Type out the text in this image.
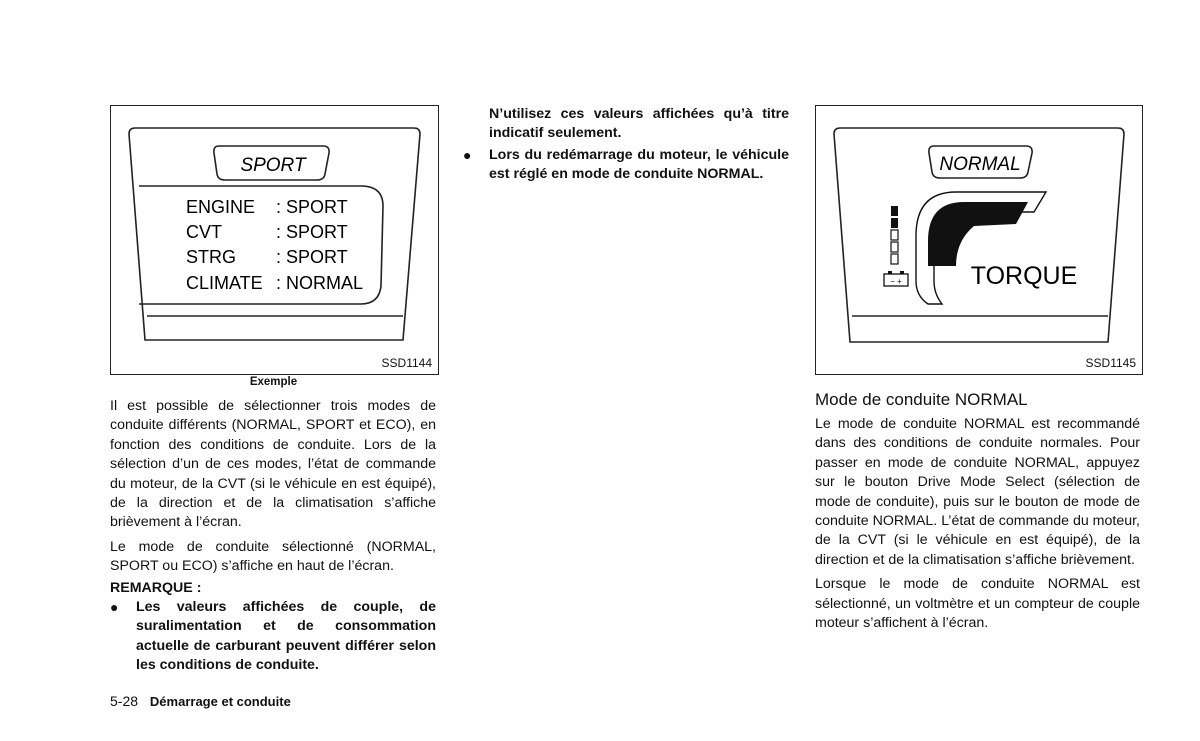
SPORT
ENGINE : SPORT
CVT	: SPORT
STRG : SPORT
CLIMATE : NORMAL
SSD1144
Exemple

Il est possible de sélectionner trois modes de conduite différents (NORMAL, SPORT et ECO), en fonction des conditions de conduite. Lors de la sélection d’un de ces modes, l’état de commande du moteur, de la CVT (si le véhicule en est équipé), de la direction et de la climatisation s’affiche brièvement à l’écran.

Le mode de conduite sélectionné (NORMAL, SPORT ou ECO) s’affiche en haut de l’écran.

REMARQUE :

●	Les valeurs affichées de couple, de suralimentation et de consommation actuelle de carburant peuvent différer selon les conditions de conduite.

N’utilisez ces valeurs affichées qu’à titre indicatif seulement.

●	Lors du redémarrage du moteur, le véhicule est réglé en mode de conduite NORMAL.	NORMAL
− +	TORQUE
SSD1145
Mode de conduite NORMAL

Le mode de conduite NORMAL est recommandé dans des conditions de conduite normales. Pour passer en mode de conduite NORMAL, appuyez sur le bouton Drive Mode Select (sélection de mode de conduite), puis sur le bouton de mode de conduite NORMAL. L’état de commande du moteur, de la CVT (si le véhicule en est équipé), de la direction et de la climatisation s’affiche brièvement.

Lorsque le mode de conduite NORMAL est sélectionné, un voltmètre et un compteur de couple moteur s’affichent à l’écran.

5-28 Démarrage et conduite
